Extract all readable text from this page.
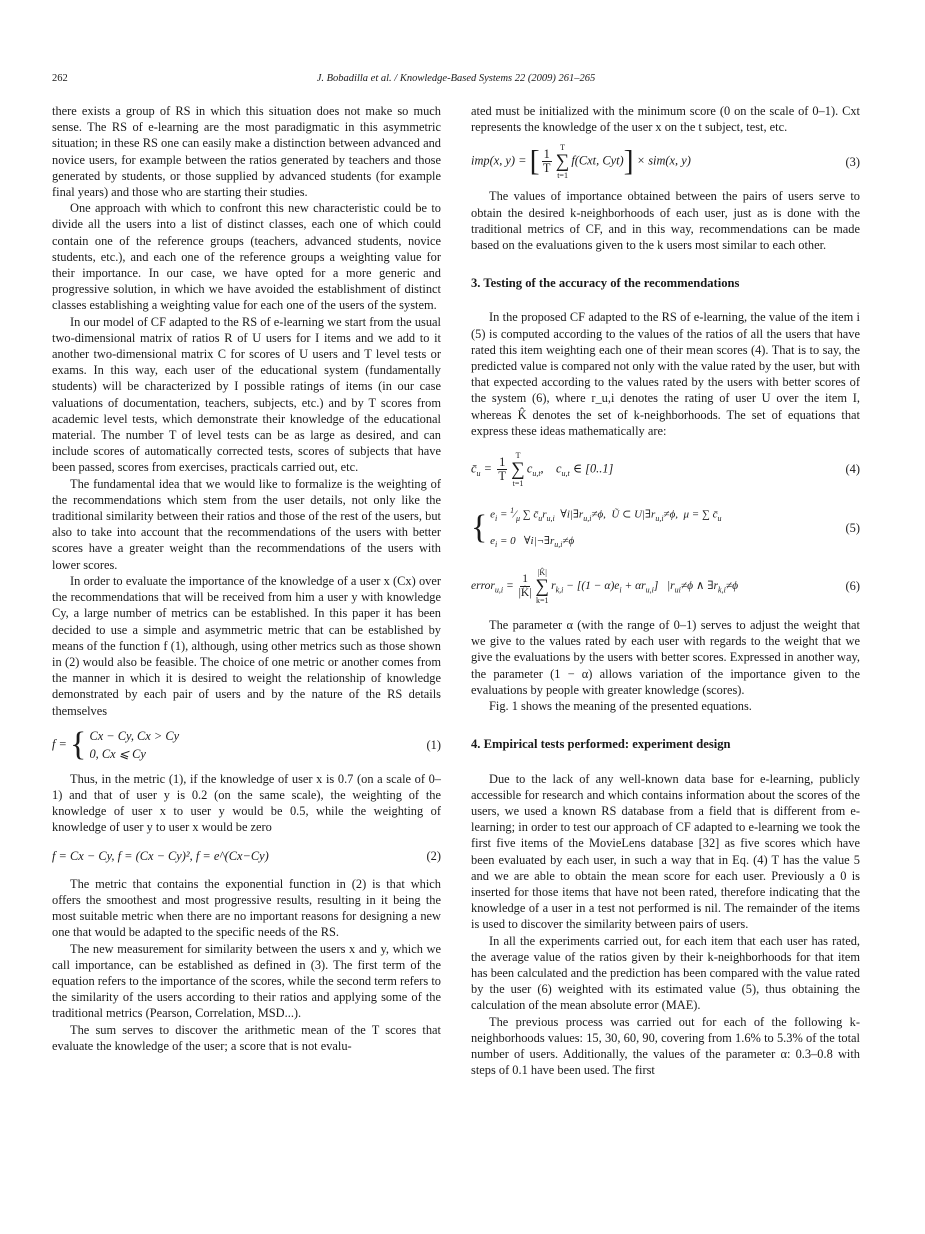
262	J. Bobadilla et al. / Knowledge-Based Systems 22 (2009) 261–265

there exists a group of RS in which this situation does not make so much sense. The RS of e-learning are the most paradigmatic in this asymmetric situation; in these RS one can easily make a distinction between advanced and novice users, for example between the ratios generated by teachers and those generated by students, or those supplied by advanced students (for example final years) and those who are starting their studies.

One approach with which to confront this new characteristic could be to divide all the users into a list of distinct classes, each one of which could contain one of the reference groups (teachers, advanced students, novice students, etc.), and each one of the reference groups a weighting value for their importance. In our case, we have opted for a more generic and progressive solution, in which we have avoided the establishment of distinct classes establishing a weighting value for each one of the users of the system.

In our model of CF adapted to the RS of e-learning we start from the usual two-dimensional matrix of ratios R of U users for I items and we add to it another two-dimensional matrix C for scores of U users and T level tests or exams. In this way, each user of the educational system (fundamentally students) will be characterized by I possible ratings of items (in our case valuations of documentation, teachers, subjects, etc.) and by T scores from academic level tests, which demonstrate their knowledge of the educational material. The number T of level tests can be as large as desired, and can include scores of automatically corrected tests, scores of subjects that have been passed, scores from exercises, practicals carried out, etc.

The fundamental idea that we would like to formalize is the weighting of the recommendations which stem from the user details, not only like the traditional similarity between their ratios and those of the rest of the users, but also to take into account that the recommendations of the users with better scores have a greater weight than the recommendations of the users with lower scores.

In order to evaluate the importance of the knowledge of a user x (Cx) over the recommendations that will be received from him a user y with knowledge Cy, a large number of metrics can be established. In this paper it has been decided to use a simple and asymmetric metric that can be established by means of the function f (1), although, using other metrics such as those shown in (2) would also be feasible. The choice of one metric or another comes from the manner in which it is desired to weight the relationship of knowledge demonstrated by each pair of users and by the nature of the RS details themselves

f = { Cx − Cy, Cx > Cy
0, Cx ⩽ Cy
(1)

Thus, in the metric (1), if the knowledge of user x is 0.7 (on a scale of 0–1) and that of user y is 0.2 (on the same scale), the weighting of the knowledge of user x to user y would be 0.5, while the weighting of knowledge of user y to user x would be zero

f = Cx − Cy, f = (Cx − Cy)², f = e^(Cx−Cy)	(2)

The metric that contains the exponential function in (2) is that which offers the smoothest and most progressive results, resulting in it being the most suitable metric when there are no important reasons for designing a new one that would be adapted to the specific needs of the RS.

The new measurement for similarity between the users x and y, which we call importance, can be established as defined in (3). The first term of the equation refers to the importance of the scores, while the second term refers to the similarity of the users according to their ratios and applying some of the traditional metrics (Pearson, Correlation, MSD...).

The sum serves to discover the arithmetic mean of the T scores that evaluate the knowledge of the user; a score that is not evalu-

ated must be initialized with the minimum score (0 on the scale of 0–1). Cxt represents the knowledge of the user x on the t subject, test, etc.

imp(x, y) = [ $\frac{1}{T}$
T
∑
t=1
f(Cxt, Cyt)] × sim(x, y)	(3)

The values of importance obtained between the pairs of users serve to obtain the desired k-neighborhoods of each user, just as is done with the traditional metrics of CF, and in this way, recommendations can be made based on the evaluations given to the k users most similar to each other.

3. Testing of the accuracy of the recommendations

In the proposed CF adapted to the RS of e-learning, the value of the item i (5) is computed according to the values of the ratios of all the users that have rated this item weighting each one of their mean scores (4). That is to say, the predicted value is compared not only with the value rated by the user, but with that expected according to the values rated by the users with better scores of the system (6), where r_u,i denotes the rating of user U over the item I, whereas K̂ denotes the set of k-neighborhoods. The set of equations that express these ideas mathematically are:

$c̄_u = \frac{1}{T}$
T
∑
t=1
$c_{u,t}$,    $c_{u,t}$ ∈ [0..1]	(4)
{ $e_i$ = $^1⁄_\mu$ ∑ $c̄_ur_{u,i}$  $\forall i|\exists r_{u,i}\ne\phi$,  Ũ ⊂ $U|\exists r_{u,i}\ne\phi$,  μ = ∑ $c̄_u$
$e_i = 0$   $\forall i|\neg\exists r_{u,i}\ne\phi$
(5)
error$_{u,i}$ = $\frac{1}{|K̂|}$
|K̂|
∑
k=1
$r_{k,i} - [(1 - \alpha)e_i + \alpha r_{u,i}]$   $|r_{ui}\ne\phi$ ∧ $\exists r_{k,i}\ne\phi$	(6)

The parameter α (with the range of 0–1) serves to adjust the weight that we give to the values rated by each user with regards to the weight that we give the evaluations by the users with better scores. Expressed in another way, the parameter (1 − α) allows variation of the importance given to the evaluations by people with greater knowledge (scores).

Fig. 1 shows the meaning of the presented equations.

4. Empirical tests performed: experiment design

Due to the lack of any well-known data base for e-learning, publicly accessible for research and which contains information about the scores of the users, we used a known RS database from a field that is different from e-learning; in order to test our approach of CF adapted to e-learning we took the first five items of the MovieLens database [32] as five scores which have been evaluated by each user, in such a way that in Eq. (4) T has the value 5 and we are able to obtain the mean score for each user. Previously a 0 is inserted for those items that have not been rated, therefore indicating that the knowledge of a user in a test not performed is nil. The remainder of the items is used to discover the similarity between pairs of users.

In all the experiments carried out, for each item that each user has rated, the average value of the ratios given by their k-neighborhoods for that item has been calculated and the prediction has been compared with the value rated by the user (6) weighted with its estimated value (5), thus obtaining the calculation of the mean absolute error (MAE).

The previous process was carried out for each of the following k-neighborhoods values: 15, 30, 60, 90, covering from 1.6% to 5.3% of the total number of users. Additionally, the values of the parameter α: 0.3–0.8 with steps of 0.1 have been used. The first
